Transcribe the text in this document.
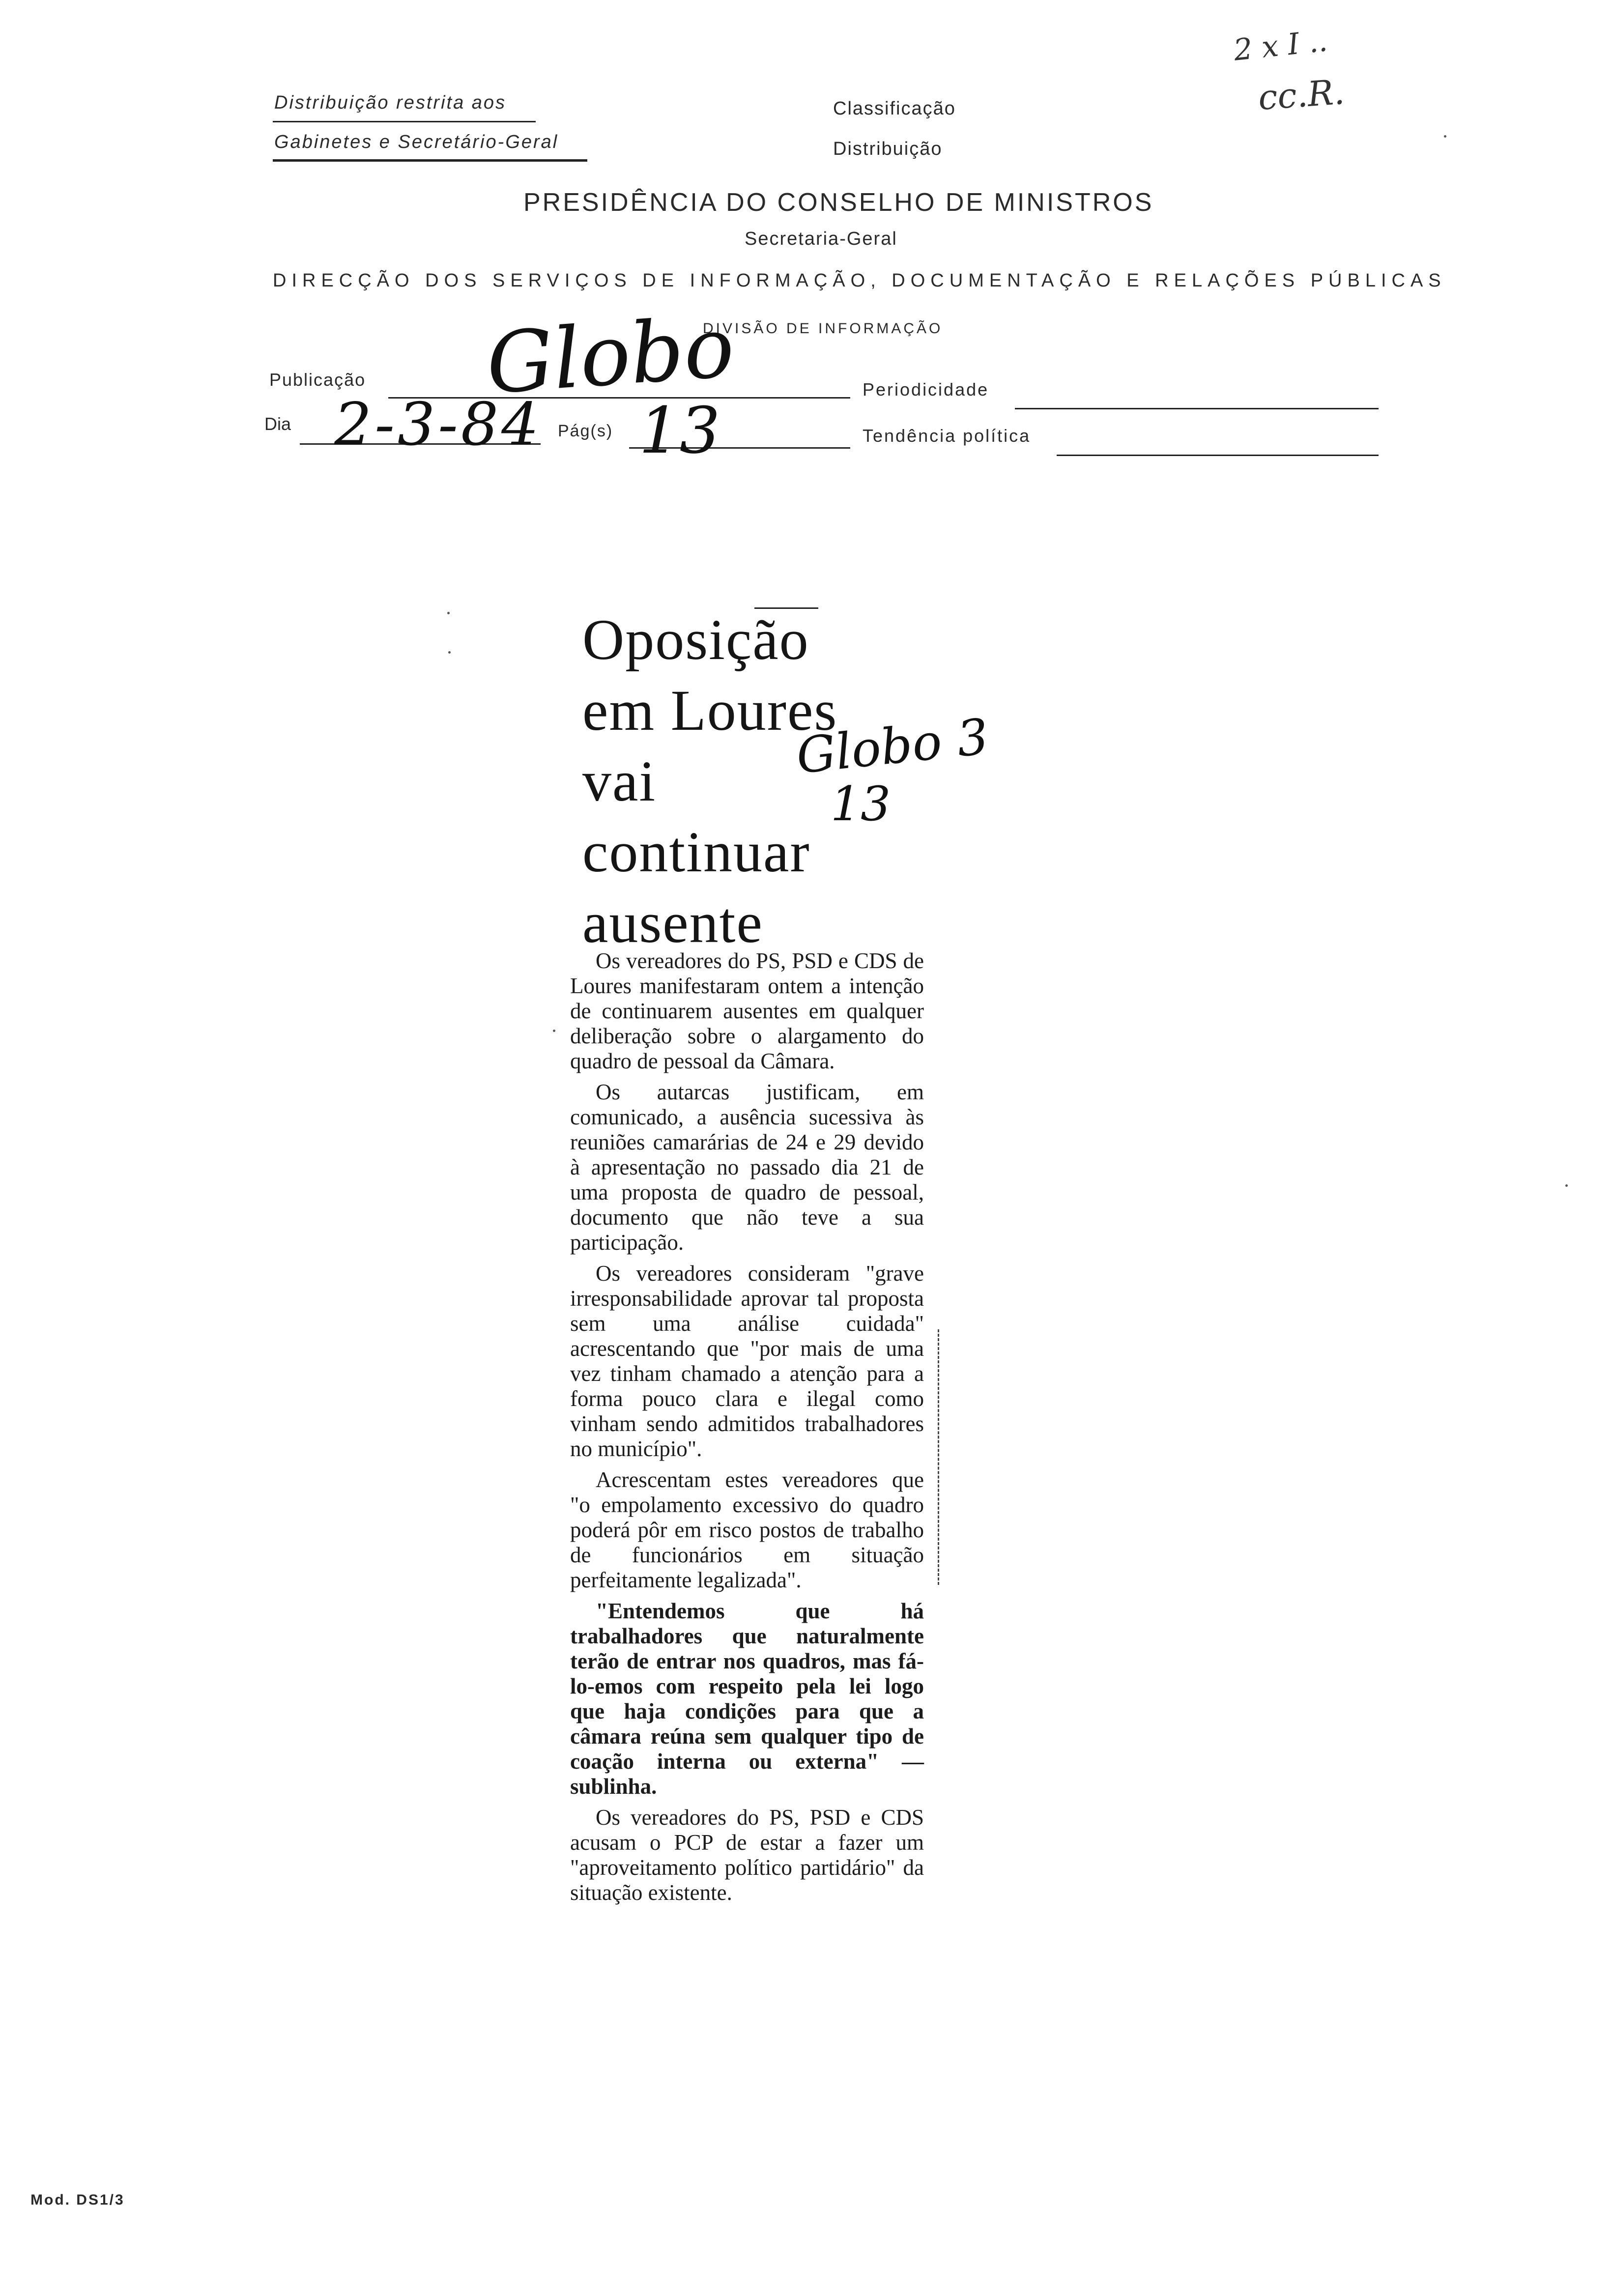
Distribuição restrita aos
Gabinetes e Secretário-Geral
Classificação
Distribuição
2 x I ..
cc.R.
PRESIDÊNCIA DO CONSELHO DE MINISTROS
Secretaria-Geral
DIRECÇÃO DOS SERVIÇOS DE INFORMAÇÃO, DOCUMENTAÇÃO E RELAÇÕES PÚBLICAS
DIVISÃO DE INFORMAÇÃO
Publicação Globo	Periodicidade
Dia 2-3-84 Pág(s) 13	Tendência política
Oposição
em Loures
vai
continuar
ausente
Globo 3
13

Os vereadores do PS, PSD e CDS de Loures manifestaram ontem a intenção de continuarem ausentes em qualquer deliberação sobre o alargamento do quadro de pessoal da Câmara.

Os autarcas justificam, em comunicado, a ausência sucessiva às reuniões camarárias de 24 e 29 devido à apresentação no passado dia 21 de uma proposta de quadro de pessoal, documento que não teve a sua participação.

Os vereadores consideram "grave irresponsabilidade aprovar tal proposta sem uma análise cuidada" acrescentando que "por mais de uma vez tinham chamado a atenção para a forma pouco clara e ilegal como vinham sendo admitidos trabalhadores no município".

Acrescentam estes vereadores que "o empolamento excessivo do quadro poderá pôr em risco postos de trabalho de funcionários em situação perfeitamente legalizada".

"Entendemos que há trabalhadores que naturalmente terão de entrar nos quadros, mas fá-lo-emos com respeito pela lei logo que haja condições para que a câmara reúna sem qualquer tipo de coação interna ou externa" — sublinha.

Os vereadores do PS, PSD e CDS acusam o PCP de estar a fazer um "aproveitamento político partidário" da situação existente.

Mod. DS1/3
